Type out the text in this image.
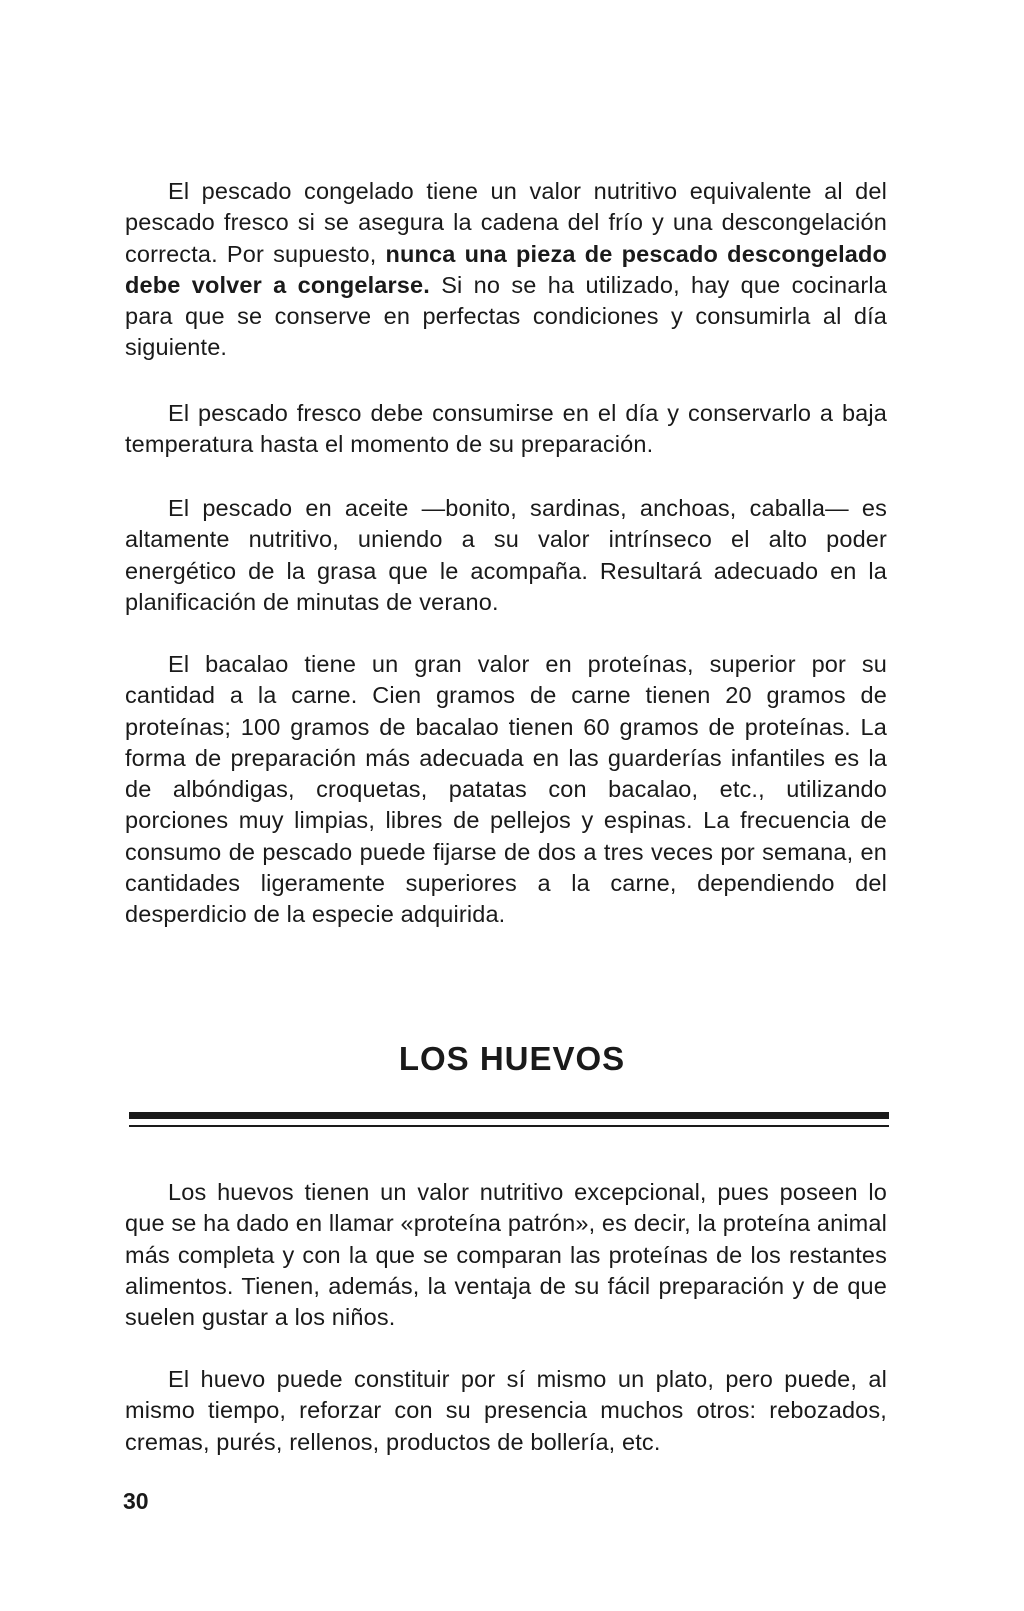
El pescado congelado tiene un valor nutritivo equivalente al del pescado fresco si se asegura la cadena del frío y una descongelación correcta. Por supuesto, nunca una pieza de pescado descongelado debe volver a congelarse. Si no se ha utilizado, hay que cocinarla para que se conserve en perfectas condiciones y consumirla al día siguiente.

El pescado fresco debe consumirse en el día y conservarlo a baja temperatura hasta el momento de su preparación.

El pescado en aceite —bonito, sardinas, anchoas, caballa— es altamente nutritivo, uniendo a su valor intrínseco el alto poder energético de la grasa que le acompaña. Resultará adecuado en la planificación de minutas de verano.

El bacalao tiene un gran valor en proteínas, superior por su cantidad a la carne. Cien gramos de carne tienen 20 gramos de proteínas; 100 gramos de bacalao tienen 60 gramos de proteínas. La forma de preparación más adecuada en las guarderías infantiles es la de albóndigas, croquetas, patatas con bacalao, etc., utilizando porciones muy limpias, libres de pellejos y espinas. La frecuencia de consumo de pescado puede fijarse de dos a tres veces por semana, en cantidades ligeramente superiores a la carne, dependiendo del desperdicio de la especie adquirida.

LOS HUEVOS

Los huevos tienen un valor nutritivo excepcional, pues poseen lo que se ha dado en llamar «proteína patrón», es decir, la proteína animal más completa y con la que se comparan las proteínas de los restantes alimentos. Tienen, además, la ventaja de su fácil preparación y de que suelen gustar a los niños.

El huevo puede constituir por sí mismo un plato, pero puede, al mismo tiempo, reforzar con su presencia muchos otros: rebozados, cremas, purés, rellenos, productos de bollería, etc.

30
